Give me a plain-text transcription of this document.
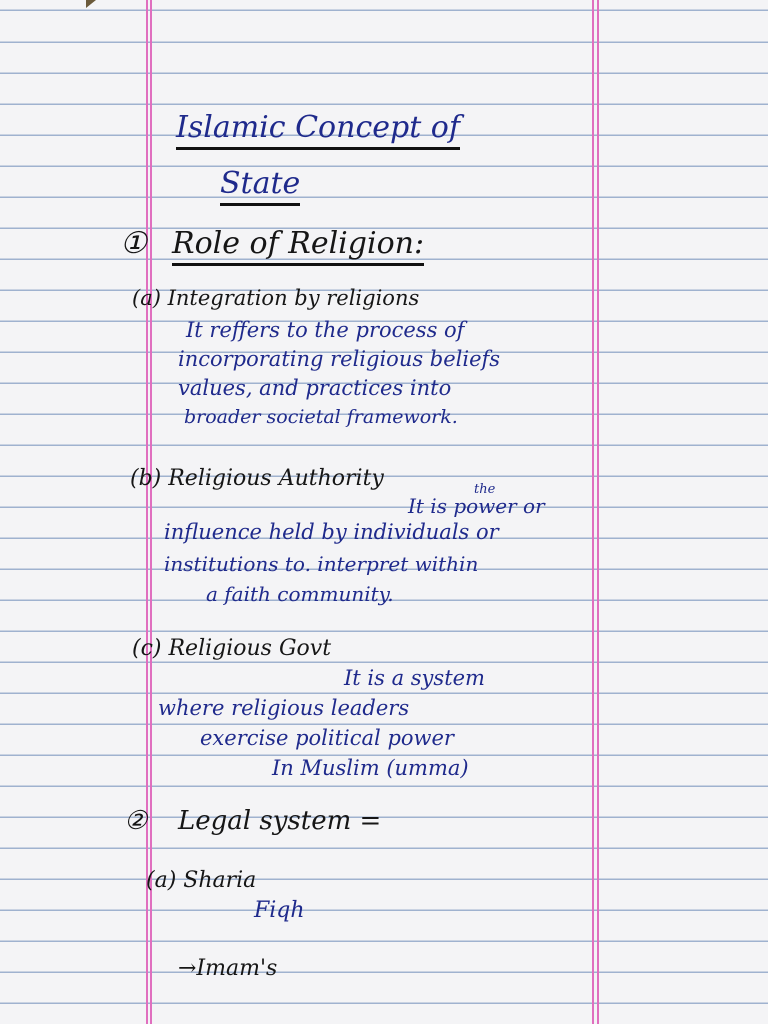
Islamic Concept of
State
① Role of Religion:
(a) Integration by religions
It reffers to the process of
incorporating religious beliefs
values, and practices into
broader societal framework.
(b) Religious Authority	the
It is power or
influence held by individuals or
institutions to. interpret within
a faith community.
(c) Religious Govt
It is a system
where religious leaders
exercise political power
In Muslim (umma)
② Legal system =
(a) Sharia
Fiqh
→Imam's
